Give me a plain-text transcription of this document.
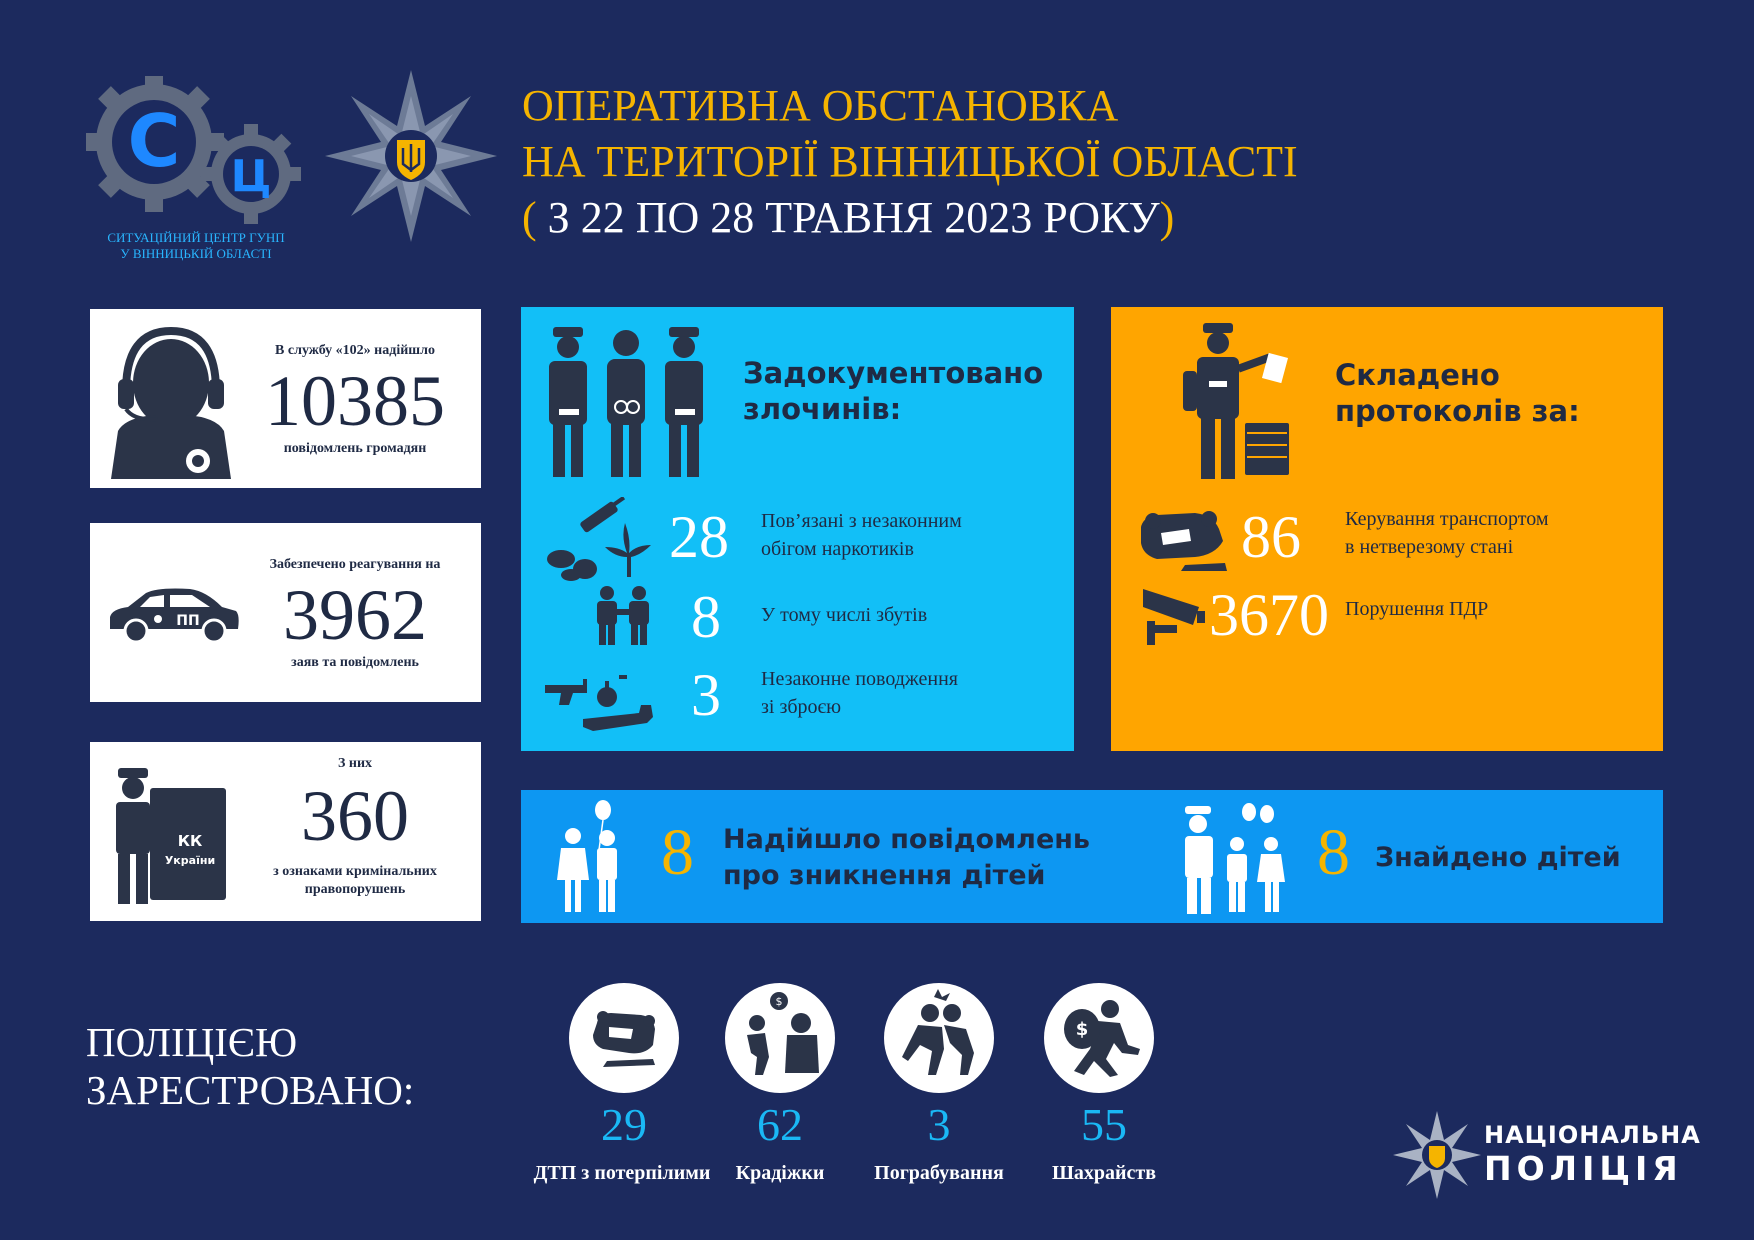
С Ц
СИТУАЦІЙНИЙ ЦЕНТР ГУНП
У ВІННИЦЬКІЙ ОБЛАСТІ
ОПЕРАТИВНА ОБСТАНОВКА
НА ТЕРИТОРІЇ ВІННИЦЬКОЇ ОБЛАСТІ
( З 22 ПО 28 ТРАВНЯ 2023 РОКУ)
В службу «102» надійшло
10385
повідомлень громадян
ПП
Забезпечено реагування на
3962
заяв та повідомлень
КК
України
З них
360
з ознаками кримінальних
правопорушень
Задокументовано
злочинів:
28 Пов’язані з незаконним
обігом наркотиків
8 У тому числі збутів
3 Незаконне поводження
зі зброєю
Складено
протоколів за:
86 Керування транспортом
в нетверезому стані
3670 Порушення ПДР
8 Надійшло повідомлень
про зникнення дітей	8 Знайдено дітей
ПОЛІЦІЄЮ
ЗАРЕСТРОВАНО:
29
ДТП з потерпілими
$
62
Крадіжки
3
Пограбування
$
55
Шахрайств
НАЦІОНАЛЬНА
ПОЛІЦІЯ
